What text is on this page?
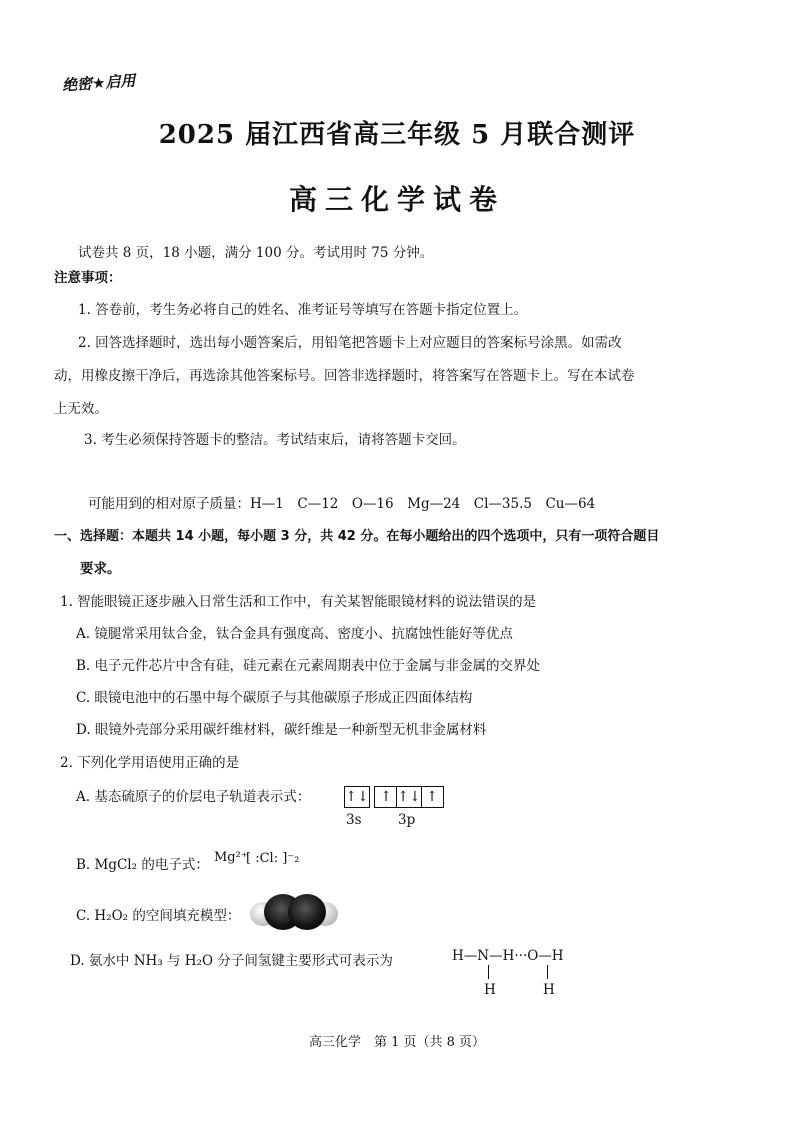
绝密★启用
2025 届江西省高三年级 5 月联合测评
高三化学试卷
试卷共 8 页，18 小题，满分 100 分。考试用时 75 分钟。
注意事项：
1. 答卷前，考生务必将自己的姓名、准考证号等填写在答题卡指定位置上。
2. 回答选择题时，选出每小题答案后，用铅笔把答题卡上对应题目的答案标号涂黑。如需改
动，用橡皮擦干净后，再选涂其他答案标号。回答非选择题时，将答案写在答题卡上。写在本试卷
上无效。
3. 考生必须保持答题卡的整洁。考试结束后，请将答题卡交回。
可能用到的相对原子质量：H—1　C—12　O—16　Mg—24　Cl—35.5　Cu—64
一、选择题：本题共 14 小题，每小题 3 分，共 42 分。在每小题给出的四个选项中，只有一项符合题目
要求。
1. 智能眼镜正逐步融入日常生活和工作中，有关某智能眼镜材料的说法错误的是
A. 镜腿常采用钛合金，钛合金具有强度高、密度小、抗腐蚀性能好等优点
B. 电子元件芯片中含有硅，硅元素在元素周期表中位于金属与非金属的交界处
C. 眼镜电池中的石墨中每个碳原子与其他碳原子形成正四面体结构
D. 眼镜外壳部分采用碳纤维材料，碳纤维是一种新型无机非金属材料
2. 下列化学用语使用正确的是
A. 基态硫原子的价层电子轨道表示式： ↑↓ ↑ ↑↓ ↑
3s	3p
B. MgCl₂ 的电子式： Mg²⁺
[ :Cl: ]⁻₂
C. H₂O₂ 的空间填充模型：
D. 氨水中 NH₃ 与 H₂O 分子间氢键主要形式可表示为	H—N—H···O—H
H	H
高三化学　第 1 页（共 8 页）
